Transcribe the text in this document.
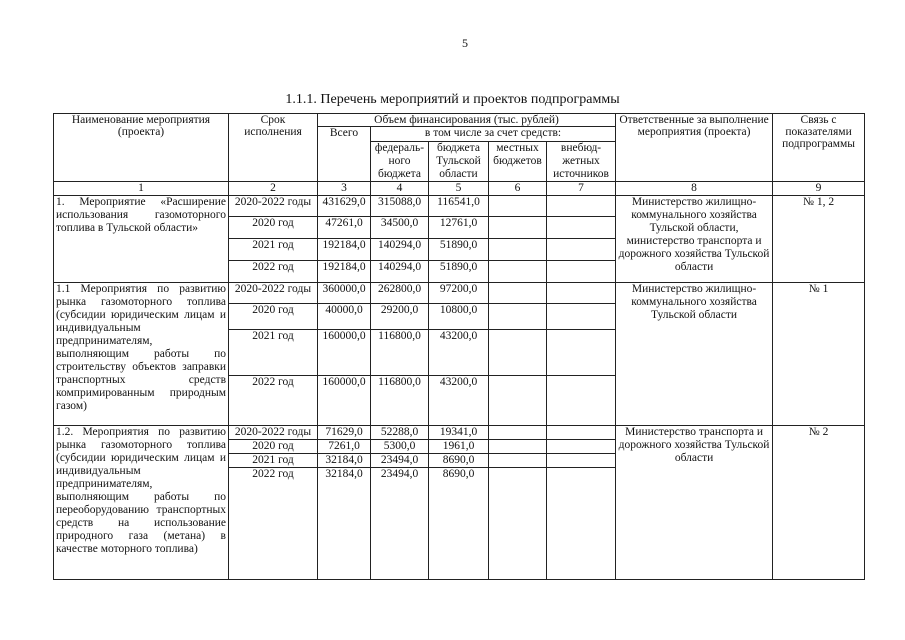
5
1.1.1. Перечень мероприятий и проектов подпрограммы
Наименование мероприятия (проекта)	Срок исполнения	Объем финансирования (тыс. рублей)					Ответственные за выполнение мероприятия (проекта)	Связь с показателями подпрограммы
		Всего	в том числе за счет средств:					
			федераль-ного бюджета	бюджета Тульской области	местных бюджетов	внебюд-жетных источников		
1	2	3	4	5	6	7	8	9
1. Мероприятие «Расширение использования газомоторного топлива в Тульской области»	2020-2022 годы	431629,0	315088,0	116541,0			Министерство жилищно-коммунального хозяйства Тульской области, министерство транспорта и дорожного хозяйства Тульской области	№ 1, 2
	2020 год	47261,0	34500,0	12761,0				
	2021 год	192184,0	140294,0	51890,0				
	2022 год	192184,0	140294,0	51890,0				
1.1 Мероприятия по развитию рынка газомоторного топлива (субсидии юридическим лицам и индивидуальным предпринимателям, выполняющим работы по строительству объектов заправки транспортных средств компримированным природным газом)	2020-2022 годы	360000,0	262800,0	97200,0			Министерство жилищно-коммунального хозяйства Тульской области	№ 1
	2020 год	40000,0	29200,0	10800,0				
	2021 год	160000,0	116800,0	43200,0				
	2022 год	160000,0	116800,0	43200,0				
1.2. Мероприятия по развитию рынка газомоторного топлива (субсидии юридическим лицам и индивидуальным предпринимателям, выполняющим работы по переоборудованию транспортных средств на использование природного газа (метана) в качестве моторного топлива)	2020-2022 годы	71629,0	52288,0	19341,0			Министерство транспорта и дорожного хозяйства Тульской области	№ 2
	2020 год	7261,0	5300,0	1961,0				
	2021 год	32184,0	23494,0	8690,0				
	2022 год	32184,0	23494,0	8690,0				
